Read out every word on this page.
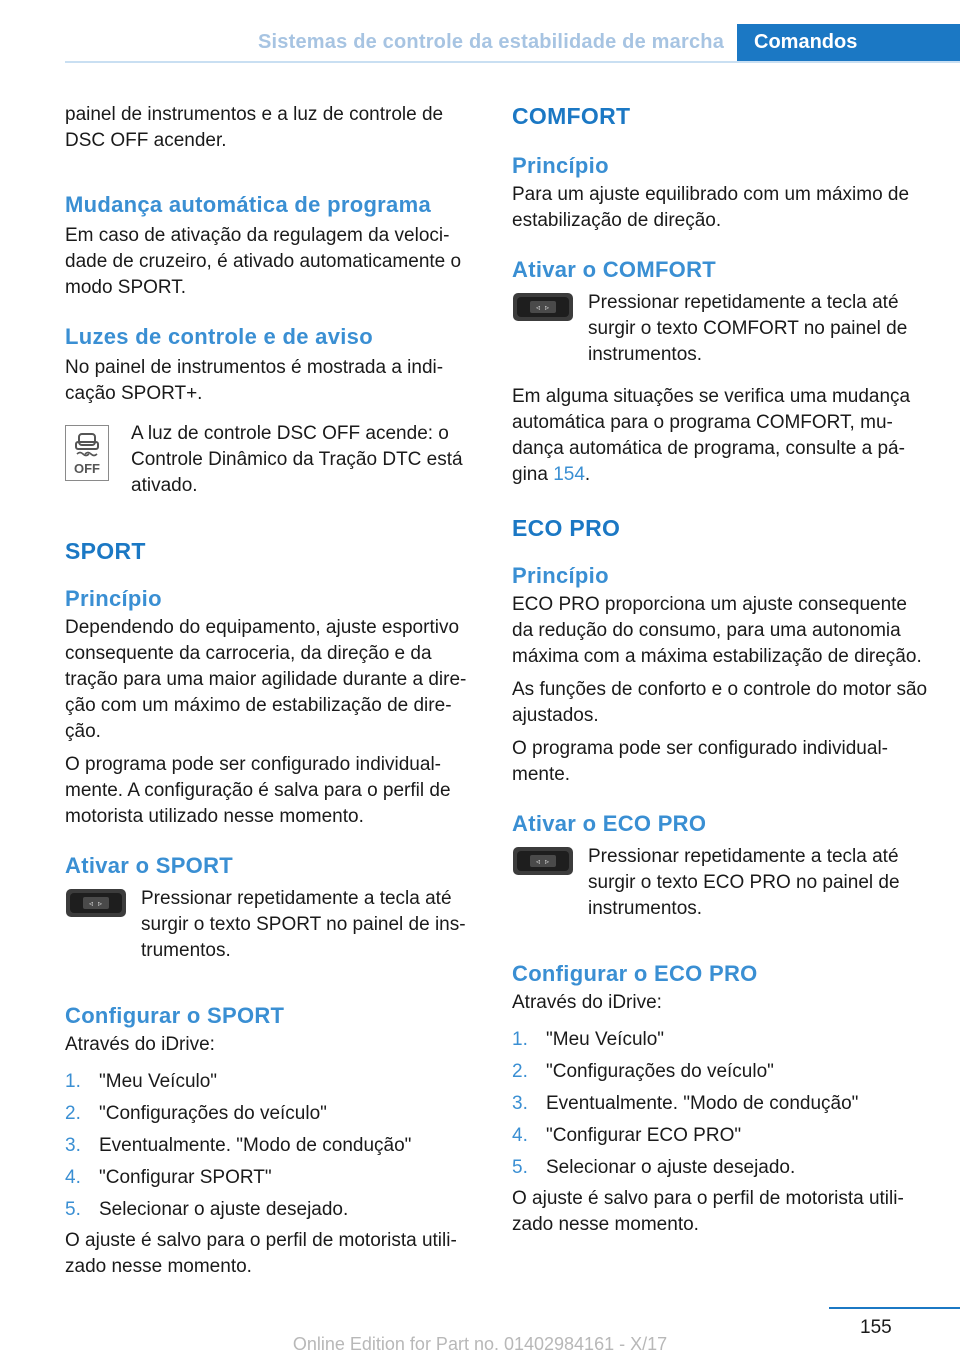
Sistemas de controle da estabilidade de marcha Comandos

painel de instrumentos e a luz de controle de DSC OFF acender.

Mudança automática de programa

Em caso de ativação da regulagem da velocidade de cruzeiro, é ativado automaticamente o modo SPORT.

Luzes de controle e de aviso

No painel de instrumentos é mostrada a indicação SPORT+.

OFF

A luz de controle DSC OFF acende: o Controle Dinâmico da Tração DTC está ativado.

SPORT
Princípio

Dependendo do equipamento, ajuste esportivo consequente da carroceria, da direção e da tração para uma maior agilidade durante a direção com um máximo de estabilização de direção.

O programa pode ser configurado individualmente. A configuração é salva para o perfil de motorista utilizado nesse momento.

Ativar o SPORT
◃ ▹ Pressionar repetidamente a tecla até surgir o texto SPORT no painel de instrumentos.

Configurar o SPORT

Através do iDrive:

1. "Meu Veículo"
2. "Configurações do veículo"
3. Eventualmente. "Modo de condução"
4. "Configurar SPORT"
5. Selecionar o ajuste desejado.

O ajuste é salvo para o perfil de motorista utilizado nesse momento.

COMFORT
Princípio

Para um ajuste equilibrado com um máximo de estabilização de direção.

Ativar o COMFORT
◃ ▹ Pressionar repetidamente a tecla até surgir o texto COMFORT no painel de instrumentos.

Em alguma situações se verifica uma mudança automática para o programa COMFORT, mudança automática de programa, consulte a página 154.

ECO PRO
Princípio

ECO PRO proporciona um ajuste consequente da redução do consumo, para uma autonomia máxima com a máxima estabilização de direção.

As funções de conforto e o controle do motor são ajustados.

O programa pode ser configurado individualmente.

Ativar o ECO PRO
◃ ▹ Pressionar repetidamente a tecla até surgir o texto ECO PRO no painel de instrumentos.

Configurar o ECO PRO

Através do iDrive:

1. "Meu Veículo"
2. "Configurações do veículo"
3. Eventualmente. "Modo de condução"
4. "Configurar ECO PRO"
5. Selecionar o ajuste desejado.

O ajuste é salvo para o perfil de motorista utilizado nesse momento.

155
Online Edition for Part no. 01402984161 - X/17
